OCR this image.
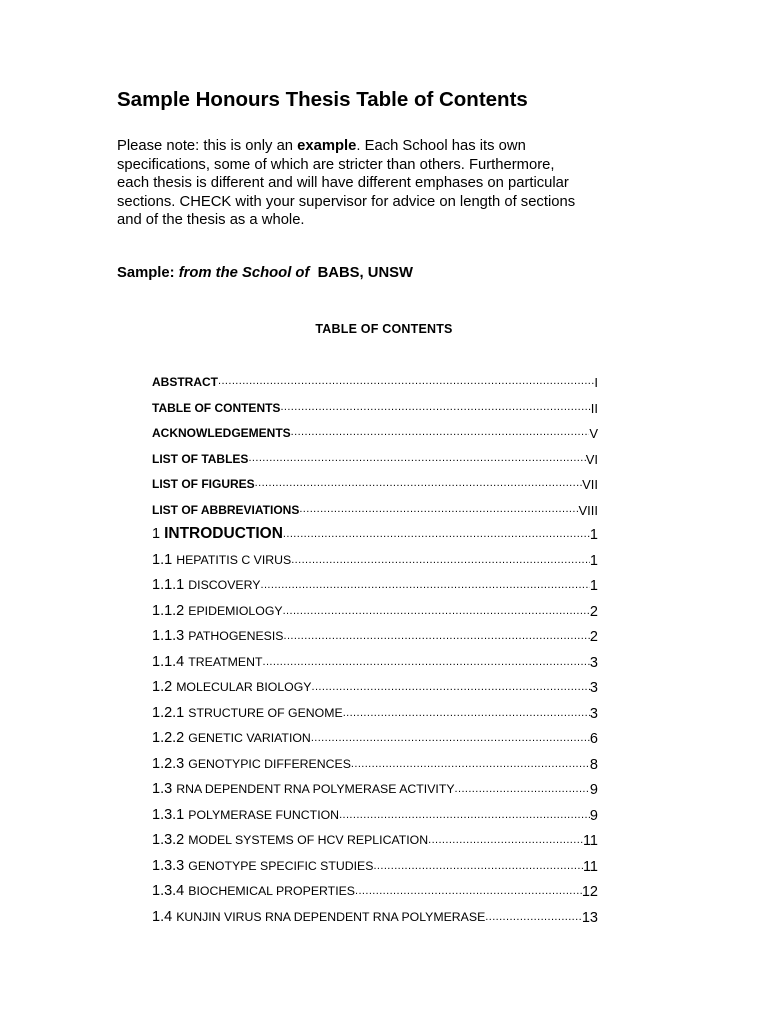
Sample Honours Thesis Table of Contents
Please note: this is only an example. Each School has its own
specifications, some of which are stricter than others. Furthermore,
each thesis is different and will have different emphases on particular
sections. CHECK with your supervisor for advice on length of sections
and of the thesis as a whole.
Sample: from the School of BABS, UNSW
TABLE OF CONTENTS
ABSTRACT .....	I
TABLE OF CONTENTS .....	II
ACKNOWLEDGEMENTS .....	V
LIST OF TABLES .....	VI
LIST OF FIGURES .....	VII
LIST OF ABBREVIATIONS .....	VIII
1 INTRODUCTION .....	1
1.1 HEPATITIS C VIRUS .....	1
1.1.1 DISCOVERY .....	1
1.1.2 EPIDEMIOLOGY .....	2
1.1.3 PATHOGENESIS .....	2
1.1.4 TREATMENT .....	3
1.2 MOLECULAR BIOLOGY .....	3
1.2.1 STRUCTURE OF GENOME .....	3
1.2.2 GENETIC VARIATION .....	6
1.2.3 GENOTYPIC DIFFERENCES .....	8
1.3 RNA DEPENDENT RNA POLYMERASE ACTIVITY .....	9
1.3.1 POLYMERASE FUNCTION .....	9
1.3.2 MODEL SYSTEMS OF HCV REPLICATION .....	11
1.3.3 GENOTYPE SPECIFIC STUDIES .....	11
1.3.4 BIOCHEMICAL PROPERTIES .....	12
1.4 KUNJIN VIRUS RNA DEPENDENT RNA POLYMERASE .....	13
